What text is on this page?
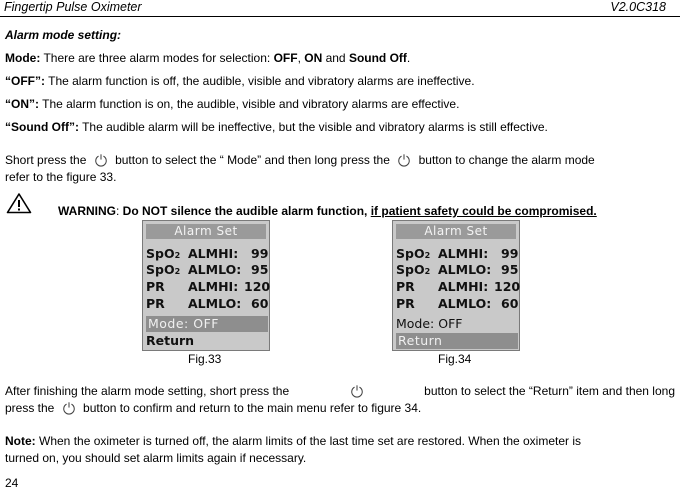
Fingertip Pulse Oximeter	V2.0C318
Alarm mode setting:
Mode: There are three alarm modes for selection: OFF, ON and Sound Off.
“OFF”: The alarm function is off, the audible, visible and vibratory alarms are ineffective.
“ON”: The alarm function is on, the audible, visible and vibratory alarms are effective.
“Sound Off”: The audible alarm will be ineffective, but the visible and vibratory alarms is still effective.
Short press the button to select the “ Mode” and then long press the button to change the alarm mode
refer to the figure 33.
WARNING: Do NOT silence the audible alarm function, if patient safety could be compromised.
Alarm Set
SpO2 ALMHI: 99
SpO2 ALMLO: 95
PR ALMHI: 120
PR ALMLO: 60
Mode: OFF
Return
Alarm Set
SpO2 ALMHI: 99
SpO2 ALMLO: 95
PR ALMHI: 120
PR ALMLO: 60
Mode: OFF
Return
Fig.33	Fig.34
After finishing the alarm mode setting, short press the	button to select the “Return” item and then long
press the button to confirm and return to the main menu refer to figure 34.
Note: When the oximeter is turned off, the alarm limits of the last time set are restored. When the oximeter is
turned on, you should set alarm limits again if necessary.
24
